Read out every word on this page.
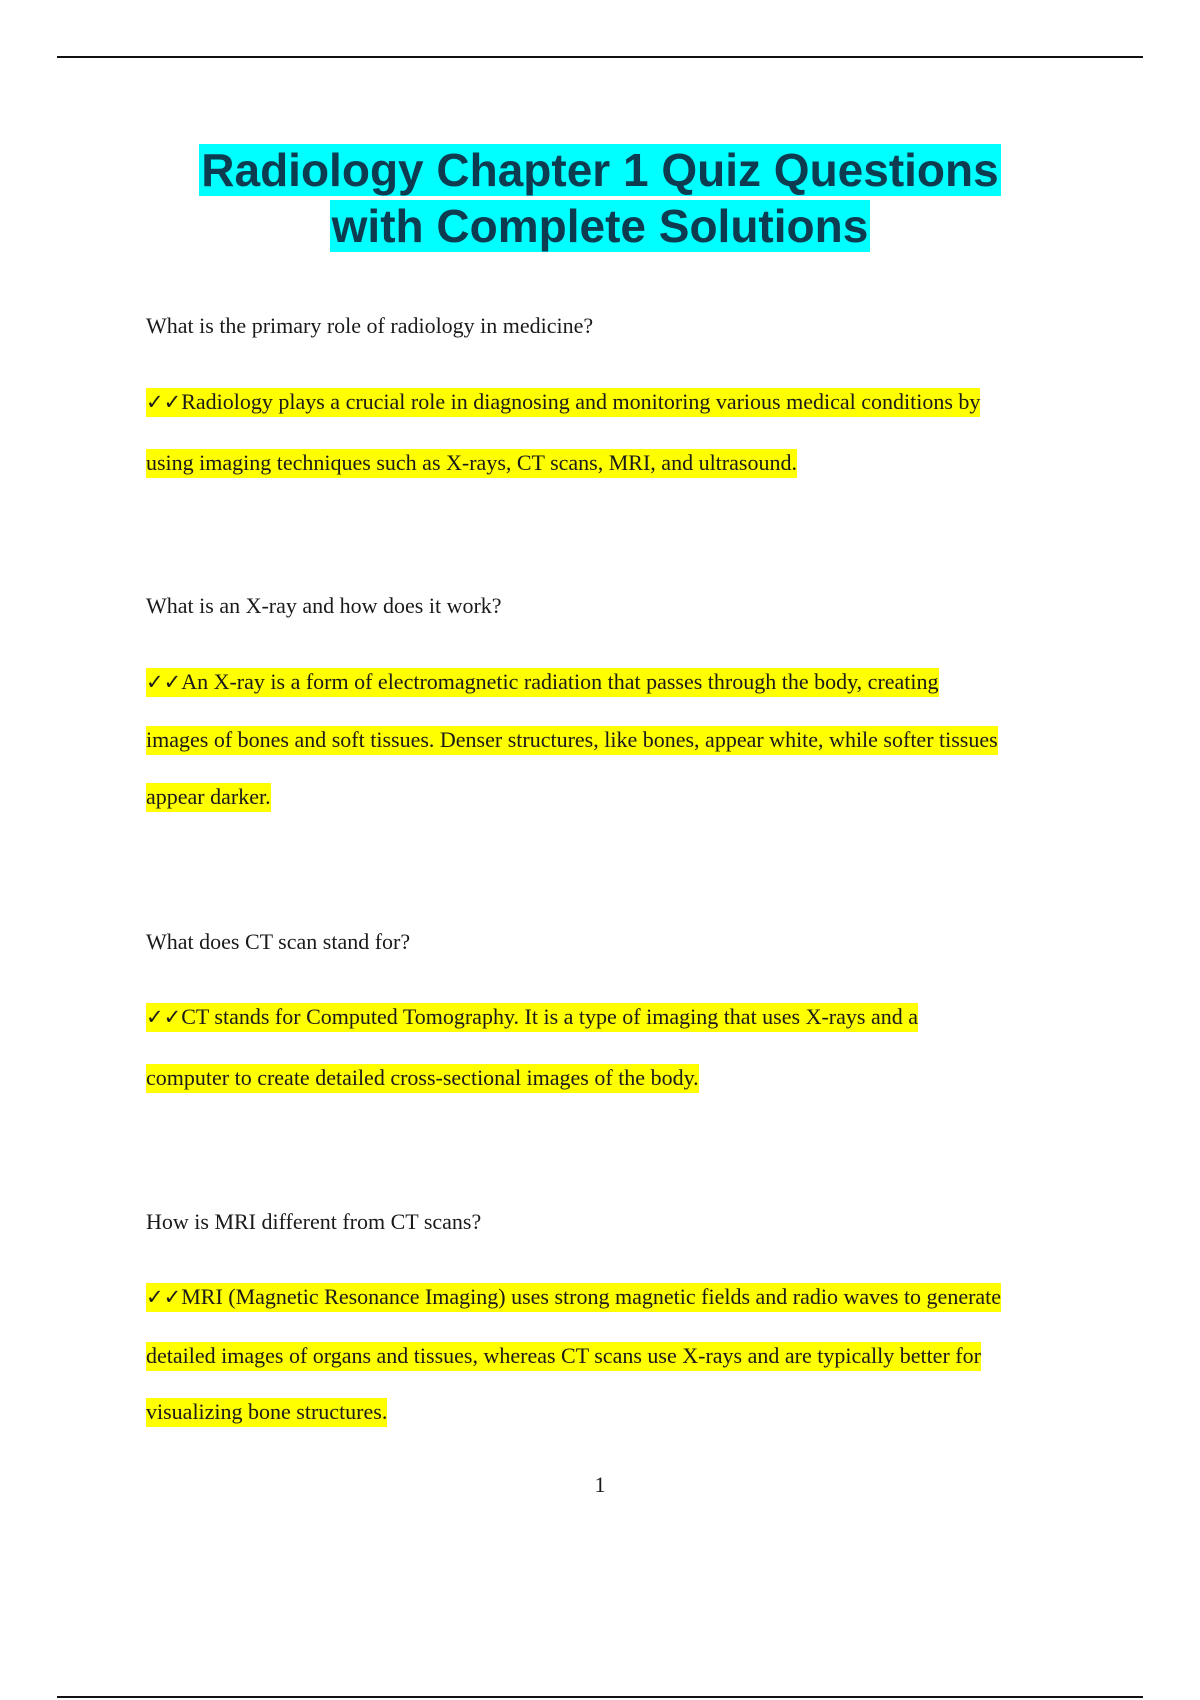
Radiology Chapter 1 Quiz Questions
with Complete Solutions
What is the primary role of radiology in medicine?
✓✓Radiology plays a crucial role in diagnosing and monitoring various medical conditions by
using imaging techniques such as X-rays, CT scans, MRI, and ultrasound.
What is an X-ray and how does it work?
✓✓An X-ray is a form of electromagnetic radiation that passes through the body, creating
images of bones and soft tissues. Denser structures, like bones, appear white, while softer tissues
appear darker.
What does CT scan stand for?
✓✓CT stands for Computed Tomography. It is a type of imaging that uses X-rays and a
computer to create detailed cross-sectional images of the body.
How is MRI different from CT scans?
✓✓MRI (Magnetic Resonance Imaging) uses strong magnetic fields and radio waves to generate
detailed images of organs and tissues, whereas CT scans use X-rays and are typically better for
visualizing bone structures.
1
